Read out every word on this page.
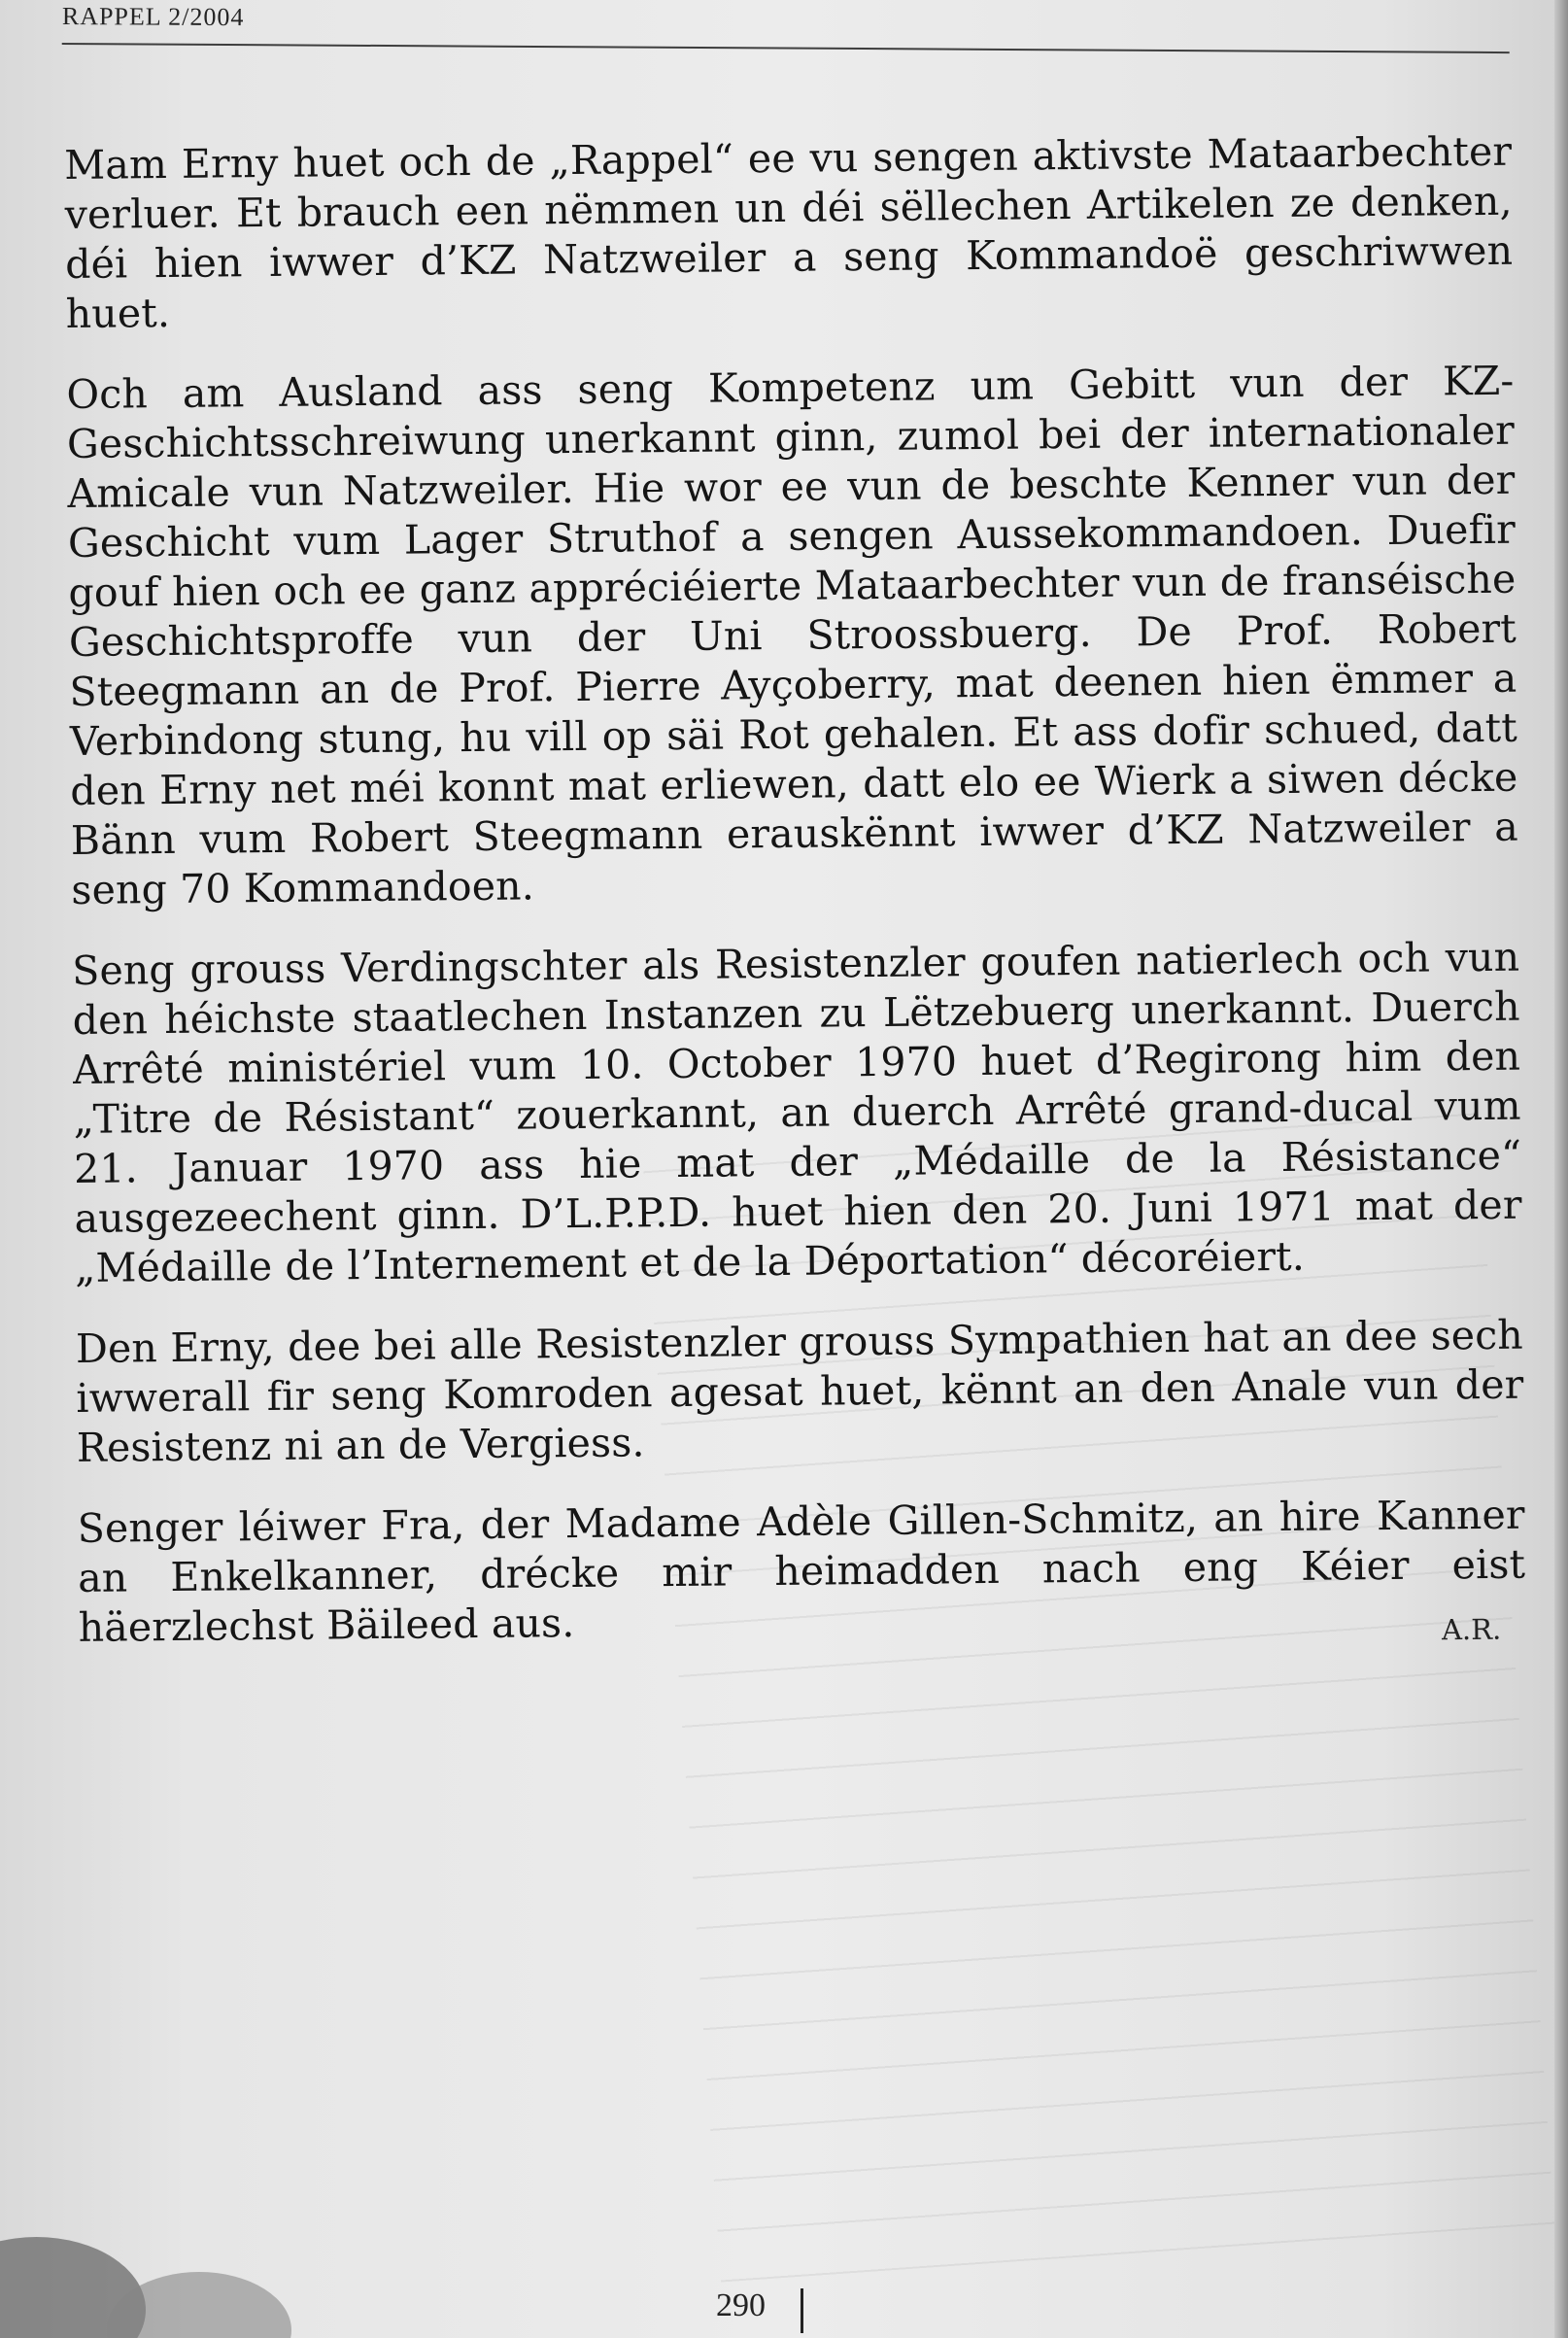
RAPPEL 2/2004

Mam Erny huet och de „Rappel“ ee vu sengen aktivste Mataarbechter verluer. Et brauch een nëmmen un déi sëllechen Artikelen ze denken, déi hien iwwer d’KZ Natzweiler a seng Kommandoë geschriwwen huet.

Och am Ausland ass seng Kompetenz um Gebitt vun der KZ-Geschichtsschreiwung unerkannt ginn, zumol bei der internationaler Amicale vun Natzweiler. Hie wor ee vun de beschte Kenner vun der Geschicht vum Lager Struthof a sengen Aussekommandoen. Duefir gouf hien och ee ganz appréciéierte Mataarbechter vun de franséische Geschichtsproffe vun der Uni Stroossbuerg. De Prof. Robert Steegmann an de Prof. Pierre Ayçoberry, mat deenen hien ëmmer a Verbindong stung, hu vill op säi Rot gehalen. Et ass dofir schued, datt den Erny net méi konnt mat erliewen, datt elo ee Wierk a siwen décke Bänn vum Robert Steegmann erauskënnt iwwer d’KZ Natzweiler a seng 70 Kommandoen.

Seng grouss Verdingschter als Resistenzler goufen natierlech och vun den héichste staatlechen Instanzen zu Lëtzebuerg unerkannt. Duerch Arrêté ministériel vum 10. October 1970 huet d’Regirong him den „Titre de Résistant“ zouerkannt, an duerch Arrêté grand-ducal vum 21. Januar 1970 ass hie mat der „Médaille de la Résistance“ ausgezeechent ginn. D’L.P.P.D. huet hien den 20. Juni 1971 mat der „Médaille de l’Internement et de la Déportation“ décoréiert.

Den Erny, dee bei alle Resistenzler grouss Sympathien hat an dee sech iwwerall fir seng Komroden agesat huet, kënnt an den Anale vun der Resistenz ni an de Vergiess.

Senger léiwer Fra, der Madame Adèle Gillen-Schmitz, an hire Kanner an Enkelkanner, drécke mir heimadden nach eng Kéier eist häerzlechst Bäileed aus.	A.R.
290
